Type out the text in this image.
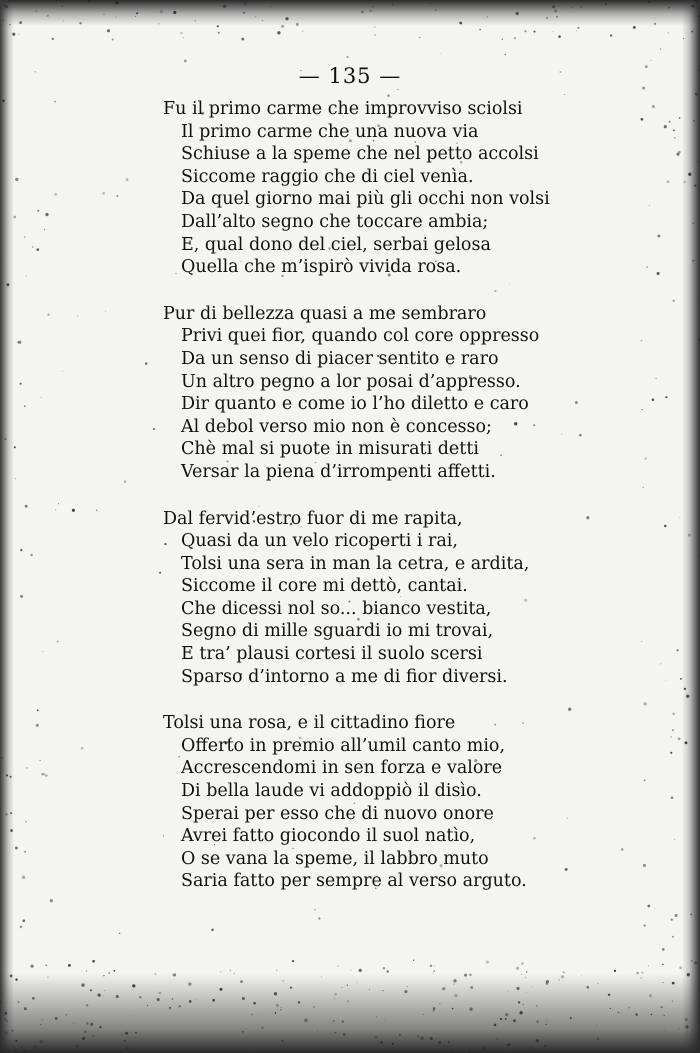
— 135 —
Fu il primo carme che improvviso sciolsi
Il primo carme che una nuova via
Schiuse a la speme che nel petto accolsi
Siccome raggio che di ciel venìa.
Da quel giorno mai più gli occhi non volsi
Dall’alto segno che toccare ambia;
E, qual dono del ciel, serbai gelosa
Quella che m’ispirò vivida rosa.
Pur di bellezza quasi a me sembraro
Privi quei fior, quando col core oppresso
Da un senso di piacer sentito e raro
Un altro pegno a lor posai d’appresso.
Dir quanto e come io l’ho diletto e caro
Al debol verso mio non è concesso;
Chè mal si puote in misurati detti
Versar la piena d’irrompenti affetti.
Dal fervid’estro fuor di me rapita,
Quasi da un velo ricoperti i rai,
Tolsi una sera in man la cetra, e ardita,
Siccome il core mi dettò, cantai.
Che dicessi nol so... bianco vestita,
Segno di mille sguardi io mi trovai,
E tra’ plausi cortesi il suolo scersi
Sparso d’intorno a me di fior diversi.
Tolsi una rosa, e il cittadino fiore
Offerto in premio all’umil canto mio,
Accrescendomi in sen forza e valore
Di bella laude vi addoppiò il disìo.
Sperai per esso che di nuovo onore
Avrei fatto giocondo il suol natìo,
O se vana la speme, il labbro muto
Saria fatto per sempre al verso arguto.
